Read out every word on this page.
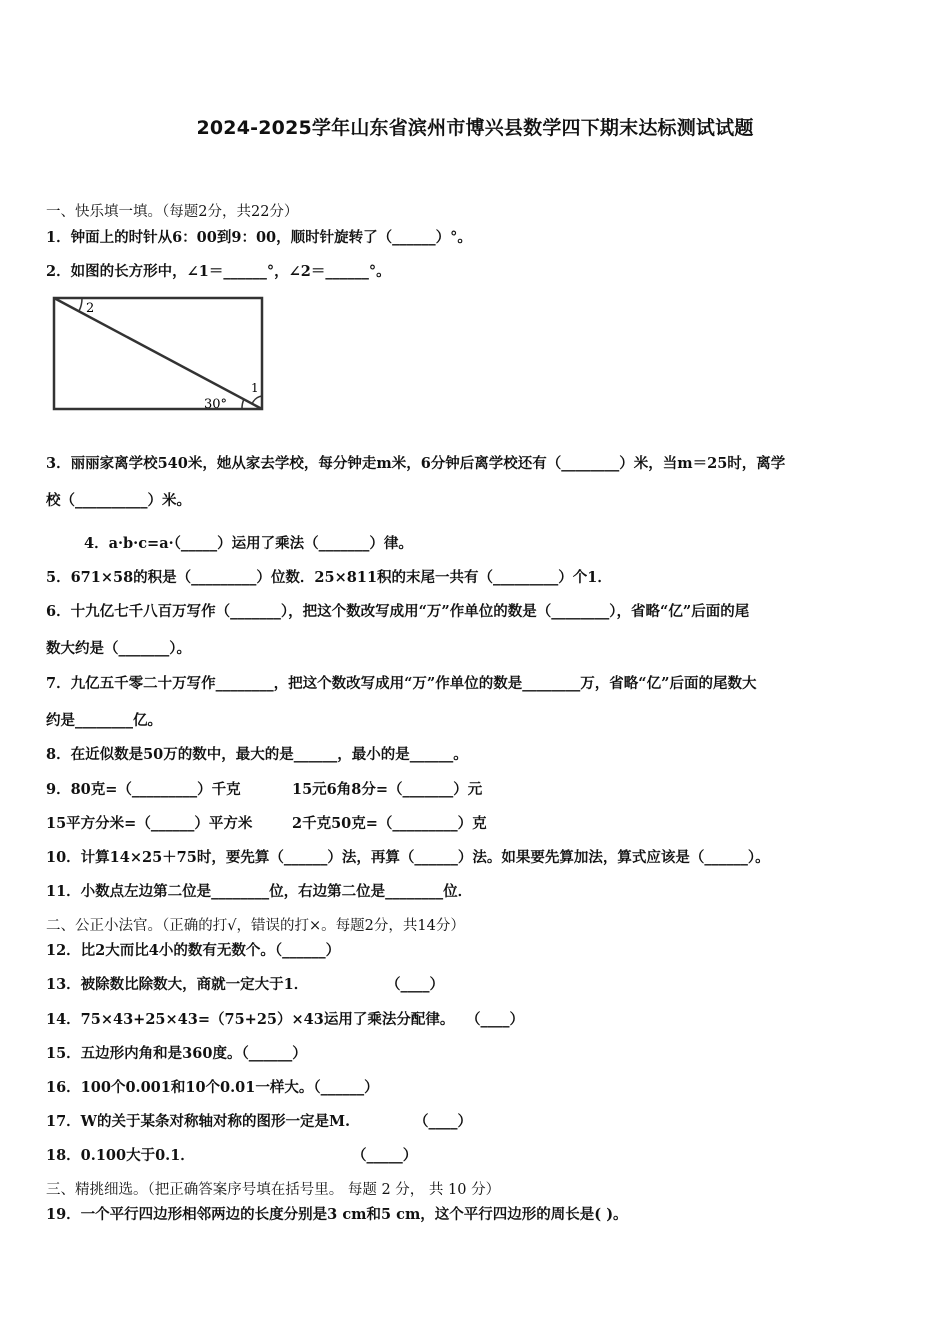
2024-2025学年山东省滨州市博兴县数学四下期末达标测试试题
一、快乐填一填。（每题2分，共22分）
1．钟面上的时针从6：00到9：00，顺时针旋转了（______）°。
2．如图的长方形中，∠1＝______°，∠2＝______°。
2
1
30°
3．丽丽家离学校540米，她从家去学校，每分钟走m米，6分钟后离学校还有（________）米，当m＝25时，离学
校（__________）米。
4．a·b·c=a·（_____）运用了乘法（_______）律。
5．671×58的积是（_________）位数．25×811积的末尾一共有（_________）个1．
6．十九亿七千八百万写作（_______），把这个数改写成用“万”作单位的数是（________），省略“亿”后面的尾
数大约是（_______）。
7．九亿五千零二十万写作________，把这个数改写成用“万”作单位的数是________万，省略“亿”后面的尾数大
约是________亿。
8．在近似数是50万的数中，最大的是______，最小的是______。
9．80克=（_________）千克	15元6角8分=（_______）元
15平方分米=（______）平方米	2千克50克=（_________）克
10．计算14×25＋75时，要先算（______）法，再算（______）法。如果要先算加法，算式应该是（______）。
11．小数点左边第二位是________位，右边第二位是________位．
二、公正小法官。（正确的打√，错误的打×。每题2分，共14分）
12．比2大而比4小的数有无数个。（______）
13．被除数比除数大，商就一定大于1．	（____）
14．75×43+25×43=（75+25）×43运用了乘法分配律。 （____）
15．五边形内角和是360度。（______）
16．100个0.001和10个0.01一样大。（______）
17．W的关于某条对称轴对称的图形一定是M.	（____）
18．0.100大于0.1．	（_____）
三、精挑细选。（把正确答案序号填在括号里。 每题 2 分， 共 10 分）
19．一个平行四边形相邻两边的长度分别是3 cm和5 cm，这个平行四边形的周长是( )。
